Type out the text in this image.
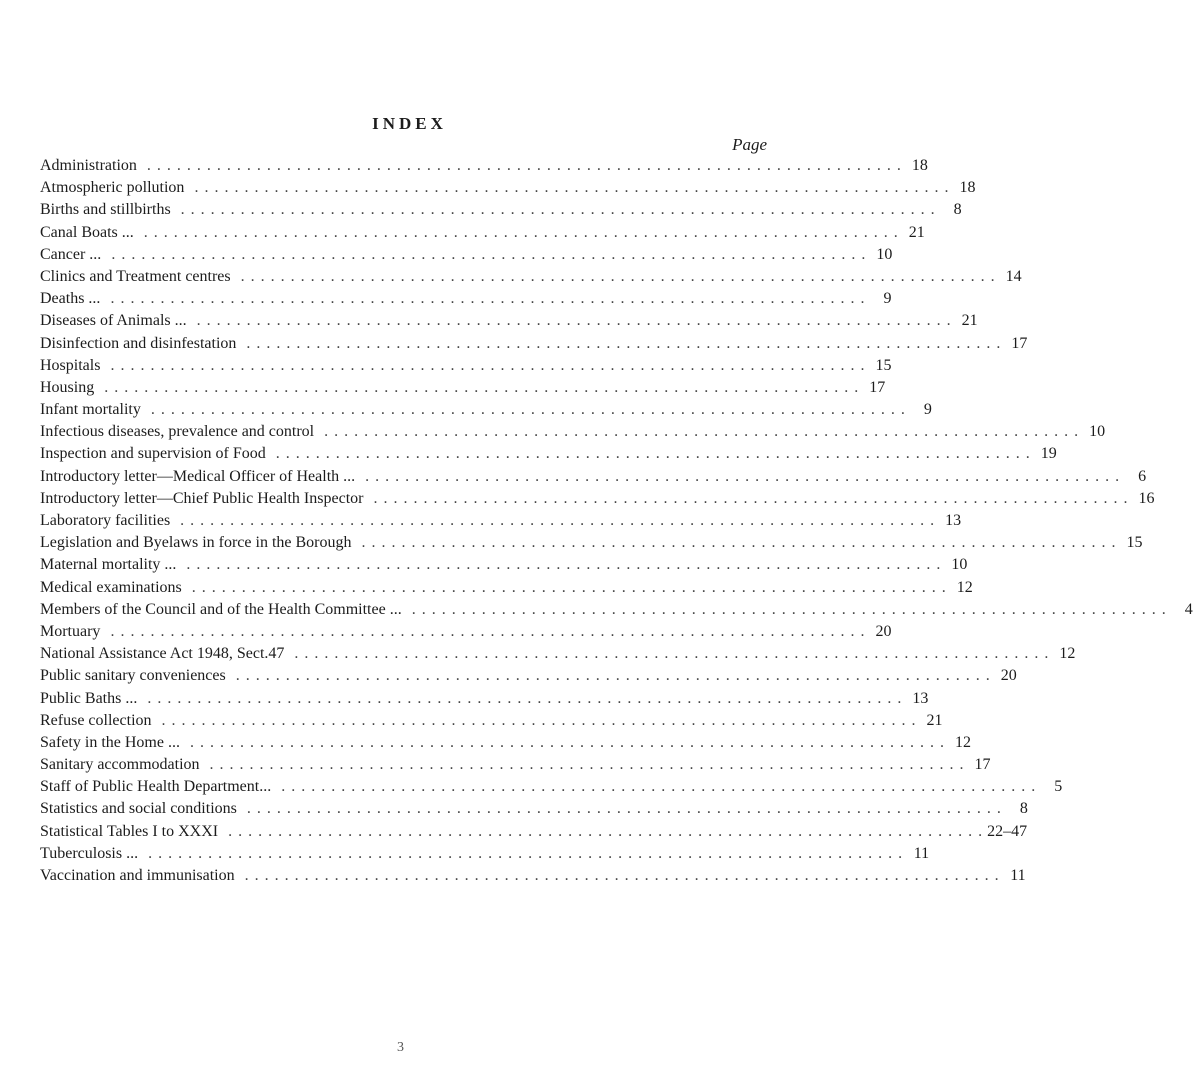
INDEX
Page
Administration . . . . . . . . . . . . . . . . . . . . . . . . . . . . . . . . . . . . . . . . . . . . . . . . . . . . . . . . . . . . . . . . . . . . . . . . . . . . 18
Atmospheric pollution . . . . . . . . . . . . . . . . . . . . . . . . . . . . . . . . . . . . . . . . . . . . . . . . . . . . . . . . . . . . . . . . . . . . . . . . . . . . 18
Births and stillbirths . . . . . . . . . . . . . . . . . . . . . . . . . . . . . . . . . . . . . . . . . . . . . . . . . . . . . . . . . . . . . . . . . . . . . . . . . . . .	8
Canal Boats ... . . . . . . . . . . . . . . . . . . . . . . . . . . . . . . . . . . . . . . . . . . . . . . . . . . . . . . . . . . . . . . . . . . . . . . . . . . . . 21
Cancer ... . . . . . . . . . . . . . . . . . . . . . . . . . . . . . . . . . . . . . . . . . . . . . . . . . . . . . . . . . . . . . . . . . . . . . . . . . . . . 10
Clinics and Treatment centres . . . . . . . . . . . . . . . . . . . . . . . . . . . . . . . . . . . . . . . . . . . . . . . . . . . . . . . . . . . . . . . . . . . . . . . . . . . . 14
Deaths ... . . . . . . . . . . . . . . . . . . . . . . . . . . . . . . . . . . . . . . . . . . . . . . . . . . . . . . . . . . . . . . . . . . . . . . . . . . . .	9
Diseases of Animals ... . . . . . . . . . . . . . . . . . . . . . . . . . . . . . . . . . . . . . . . . . . . . . . . . . . . . . . . . . . . . . . . . . . . . . . . . . . . . 21
Disinfection and disinfestation . . . . . . . . . . . . . . . . . . . . . . . . . . . . . . . . . . . . . . . . . . . . . . . . . . . . . . . . . . . . . . . . . . . . . . . . . . . . 17
Hospitals . . . . . . . . . . . . . . . . . . . . . . . . . . . . . . . . . . . . . . . . . . . . . . . . . . . . . . . . . . . . . . . . . . . . . . . . . . . . 15
Housing . . . . . . . . . . . . . . . . . . . . . . . . . . . . . . . . . . . . . . . . . . . . . . . . . . . . . . . . . . . . . . . . . . . . . . . . . . . . 17
Infant mortality . . . . . . . . . . . . . . . . . . . . . . . . . . . . . . . . . . . . . . . . . . . . . . . . . . . . . . . . . . . . . . . . . . . . . . . . . . . .	9
Infectious diseases, prevalence and control . . . . . . . . . . . . . . . . . . . . . . . . . . . . . . . . . . . . . . . . . . . . . . . . . . . . . . . . . . . . . . . . . . . . . . . . . . . . 10
Inspection and supervision of Food . . . . . . . . . . . . . . . . . . . . . . . . . . . . . . . . . . . . . . . . . . . . . . . . . . . . . . . . . . . . . . . . . . . . . . . . . . . . 19
Introductory letter—Medical Officer of Health ... . . . . . . . . . . . . . . . . . . . . . . . . . . . . . . . . . . . . . . . . . . . . . . . . . . . . . . . . . . . . . . . . . . . . . . . . . . . .	6
Introductory letter—Chief Public Health Inspector . . . . . . . . . . . . . . . . . . . . . . . . . . . . . . . . . . . . . . . . . . . . . . . . . . . . . . . . . . . . . . . . . . . . . . . . . . . . 16
Laboratory facilities . . . . . . . . . . . . . . . . . . . . . . . . . . . . . . . . . . . . . . . . . . . . . . . . . . . . . . . . . . . . . . . . . . . . . . . . . . . . 13
Legislation and Byelaws in force in the Borough . . . . . . . . . . . . . . . . . . . . . . . . . . . . . . . . . . . . . . . . . . . . . . . . . . . . . . . . . . . . . . . . . . . . . . . . . . . . 15
Maternal mortality ... . . . . . . . . . . . . . . . . . . . . . . . . . . . . . . . . . . . . . . . . . . . . . . . . . . . . . . . . . . . . . . . . . . . . . . . . . . . . 10
Medical examinations . . . . . . . . . . . . . . . . . . . . . . . . . . . . . . . . . . . . . . . . . . . . . . . . . . . . . . . . . . . . . . . . . . . . . . . . . . . . 12
Members of the Council and of the Health Committee ... . . . . . . . . . . . . . . . . . . . . . . . . . . . . . . . . . . . . . . . . . . . . . . . . . . . . . . . . . . . . . . . . . . . . . . . . . . . .	4
Mortuary . . . . . . . . . . . . . . . . . . . . . . . . . . . . . . . . . . . . . . . . . . . . . . . . . . . . . . . . . . . . . . . . . . . . . . . . . . . . 20
National Assistance Act 1948, Sect.47 . . . . . . . . . . . . . . . . . . . . . . . . . . . . . . . . . . . . . . . . . . . . . . . . . . . . . . . . . . . . . . . . . . . . . . . . . . . . 12
Public sanitary conveniences . . . . . . . . . . . . . . . . . . . . . . . . . . . . . . . . . . . . . . . . . . . . . . . . . . . . . . . . . . . . . . . . . . . . . . . . . . . . 20
Public Baths ... . . . . . . . . . . . . . . . . . . . . . . . . . . . . . . . . . . . . . . . . . . . . . . . . . . . . . . . . . . . . . . . . . . . . . . . . . . . . 13
Refuse collection . . . . . . . . . . . . . . . . . . . . . . . . . . . . . . . . . . . . . . . . . . . . . . . . . . . . . . . . . . . . . . . . . . . . . . . . . . . . 21
Safety in the Home ... . . . . . . . . . . . . . . . . . . . . . . . . . . . . . . . . . . . . . . . . . . . . . . . . . . . . . . . . . . . . . . . . . . . . . . . . . . . . 12
Sanitary accommodation . . . . . . . . . . . . . . . . . . . . . . . . . . . . . . . . . . . . . . . . . . . . . . . . . . . . . . . . . . . . . . . . . . . . . . . . . . . . 17
Staff of Public Health Department... . . . . . . . . . . . . . . . . . . . . . . . . . . . . . . . . . . . . . . . . . . . . . . . . . . . . . . . . . . . . . . . . . . . . . . . . . . . .	5
Statistics and social conditions . . . . . . . . . . . . . . . . . . . . . . . . . . . . . . . . . . . . . . . . . . . . . . . . . . . . . . . . . . . . . . . . . . . . . . . . . . . .	8
Statistical Tables I to XXXI . . . . . . . . . . . . . . . . . . . . . . . . . . . . . . . . . . . . . . . . . . . . . . . . . . . . . . . . . . . . . . . . . . . . . . . . . . . . 22–47
Tuberculosis ... . . . . . . . . . . . . . . . . . . . . . . . . . . . . . . . . . . . . . . . . . . . . . . . . . . . . . . . . . . . . . . . . . . . . . . . . . . . . 11
Vaccination and immunisation . . . . . . . . . . . . . . . . . . . . . . . . . . . . . . . . . . . . . . . . . . . . . . . . . . . . . . . . . . . . . . . . . . . . . . . . . . . . 11
3
